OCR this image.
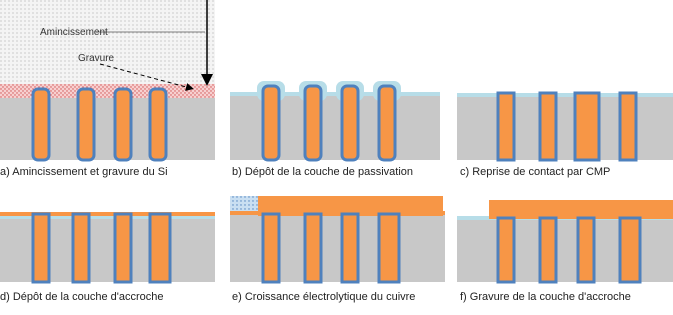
Amincissement
Gravure
a) Amincissement et gravure du Si	b) Dépôt de la couche de passivation	c) Reprise de contact par CMP
d) Dépôt de la couche d'accroche	e) Croissance électrolytique du cuivre	f) Gravure de la couche d'accroche
